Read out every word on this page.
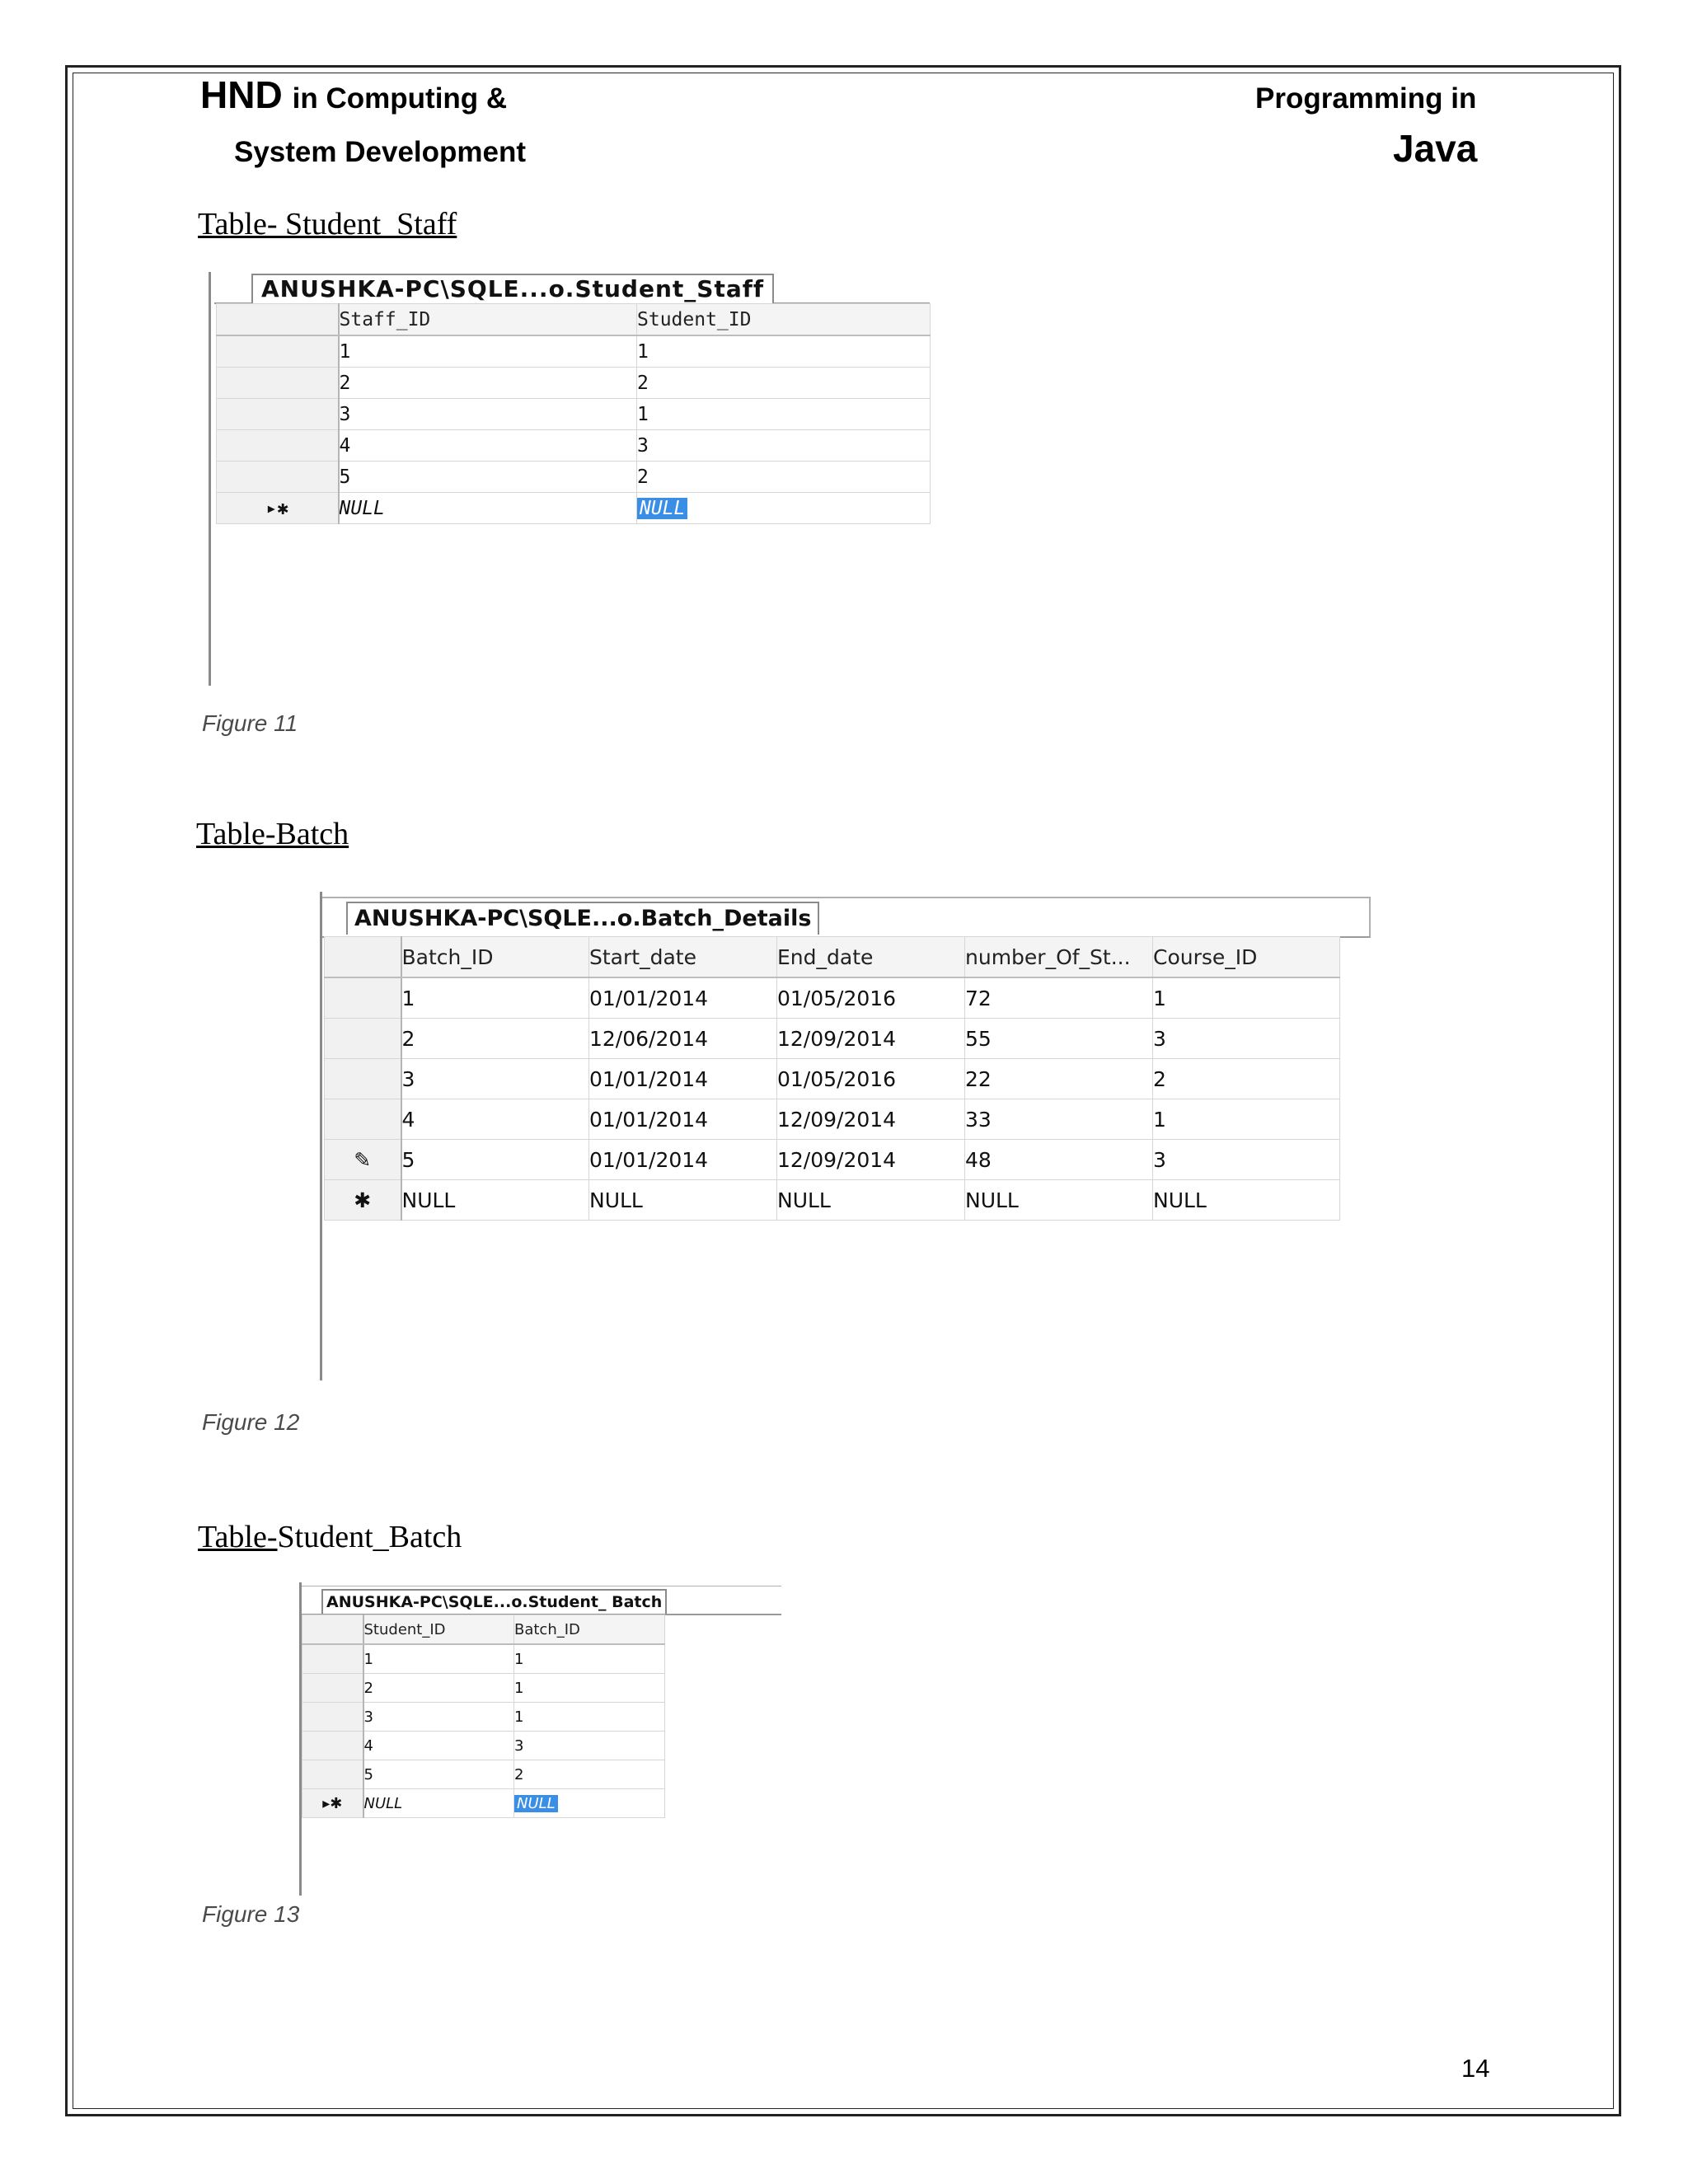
HND in Computing &
System Development
Programming in
Java
Table- Student_Staff
ANUSHKA-PC\SQLE...o.Student_Staff
	Staff_ID	Student_ID
	1	1
	2	2
	3	1
	4	3
	5	2
▸✱	NULL	NULL
Figure 11
Table-Batch
ANUSHKA-PC\SQLE...o.Batch_Details
	Batch_ID	Start_date	End_date	number_Of_St...	Course_ID
	1	01/01/2014	01/05/2016	72	1
	2	12/06/2014	12/09/2014	55	3
	3	01/01/2014	01/05/2016	22	2
	4	01/01/2014	12/09/2014	33	1
✎	5	01/01/2014	12/09/2014	48	3
✱	NULL	NULL	NULL	NULL	NULL
Figure 12
Table-Student_Batch
ANUSHKA-PC\SQLE...o.Student_ Batch
	Student_ID	Batch_ID
	1	1
	2	1
	3	1
	4	3
	5	2
▸✱	NULL	NULL
Figure 13
14
